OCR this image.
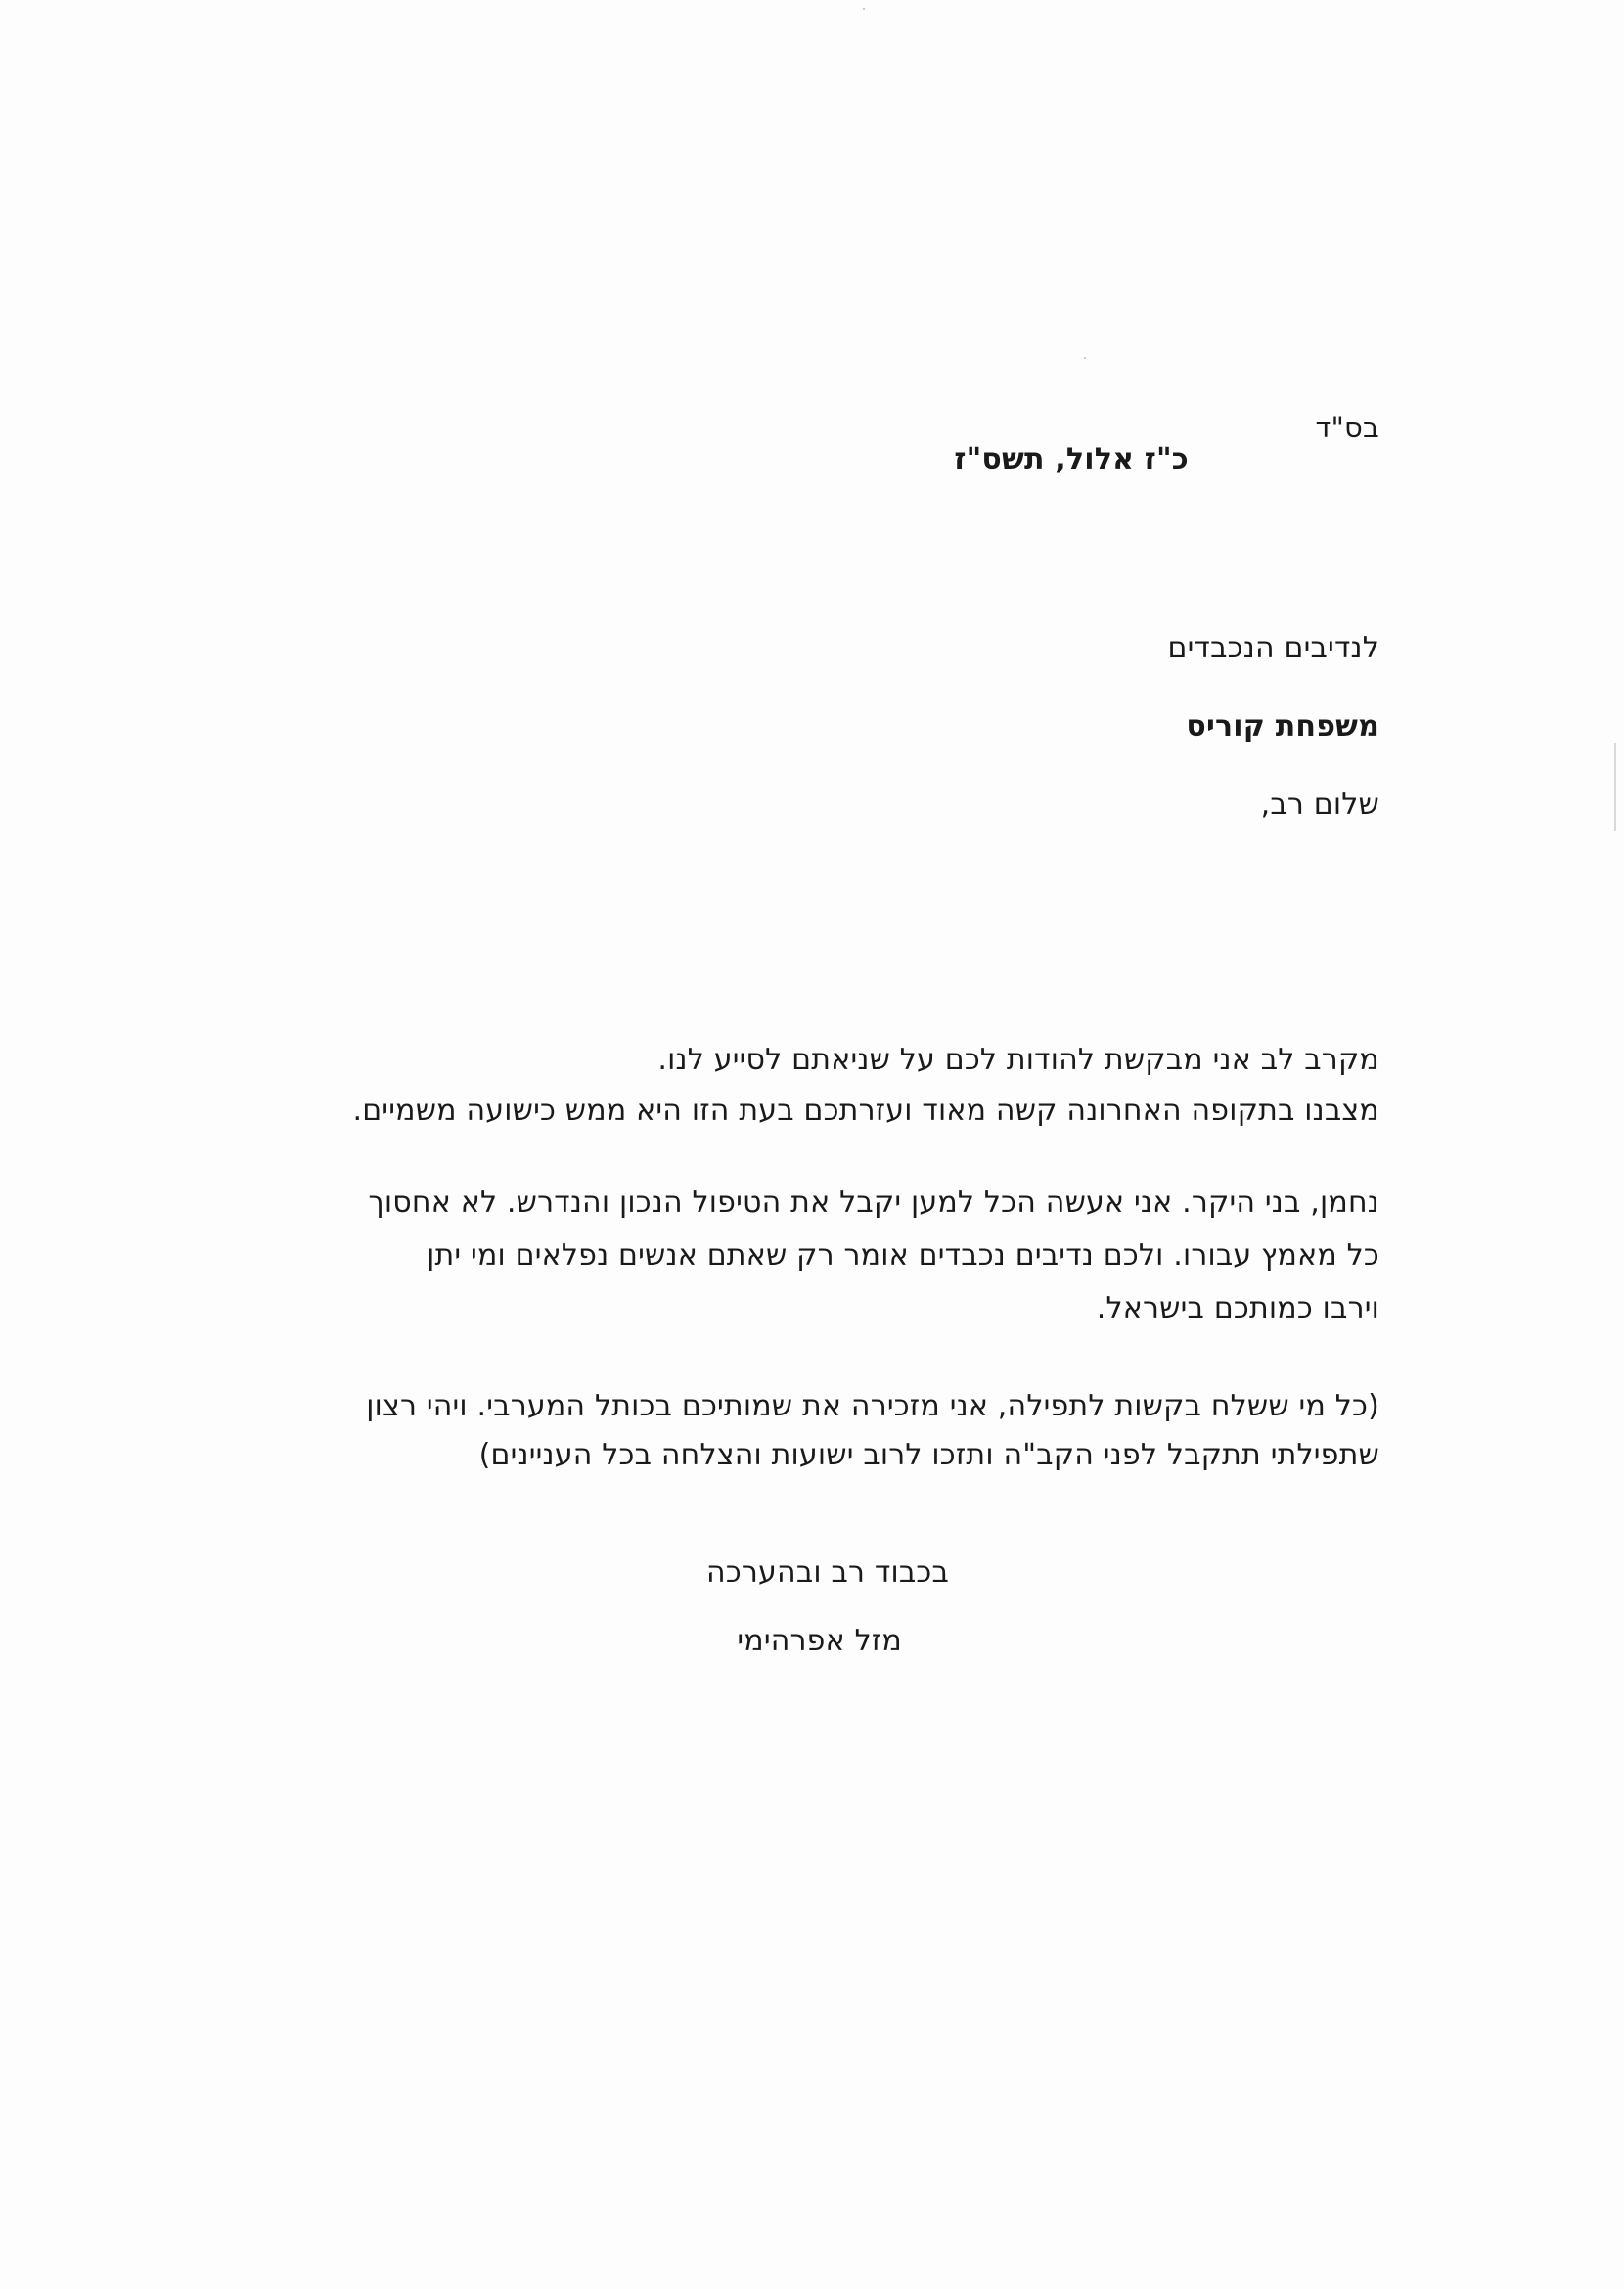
בס"ד
כ"ז אלול, תשס"ז
לנדיבים הנכבדים
משפחת קוריס
שלום רב,
מקרב לב אני מבקשת להודות לכם על שניאתם לסייע לנו.
מצבנו בתקופה האחרונה קשה מאוד ועזרתכם בעת הזו היא ממש כישועה משמיים.
נחמן, בני היקר. אני אעשה הכל למען יקבל את הטיפול הנכון והנדרש. לא אחסוך
כל מאמץ עבורו. ולכם נדיבים נכבדים אומר רק שאתם אנשים נפלאים ומי יתן
וירבו כמותכם בישראל.
(כל מי ששלח בקשות לתפילה, אני מזכירה את שמותיכם בכותל המערבי. ויהי רצון
שתפילתי תתקבל לפני הקב"ה ותזכו לרוב ישועות והצלחה בכל העניינים)
בכבוד רב ובהערכה
מזל אפרהימי
